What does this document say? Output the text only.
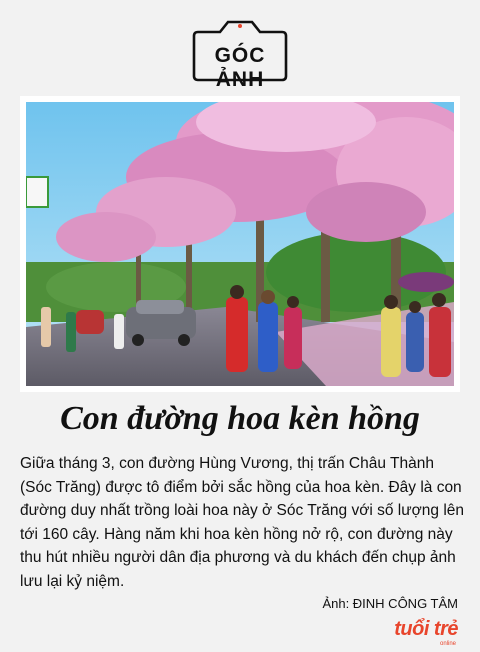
GÓC ẢNH
Con đường hoa kèn hồng
Giữa tháng 3, con đường Hùng Vương, thị trấn Châu Thành (Sóc Trăng) được tô điểm bởi sắc hồng của hoa kèn. Đây là con đường duy nhất trồng loài hoa này ở Sóc Trăng với số lượng lên tới 160 cây. Hàng năm khi hoa kèn hồng nở rộ, con đường này thu hút nhiều người dân địa phương và du khách đến chụp ảnh lưu lại kỷ niệm.
Ảnh: ĐINH CÔNG TÂM
tuổi trẻ
online
